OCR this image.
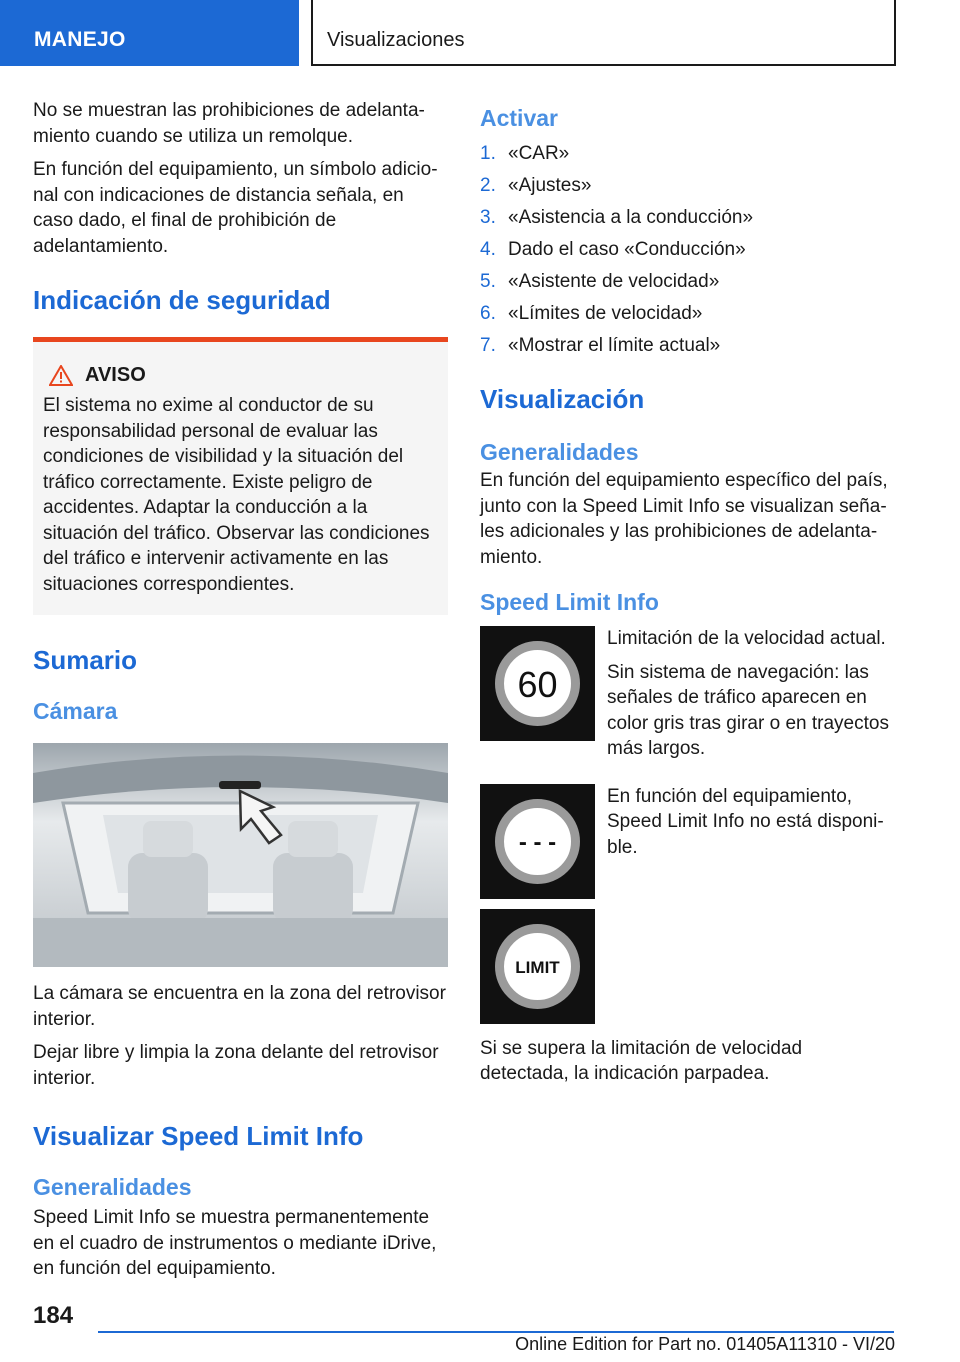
MANEJO	Visualizaciones

No se muestran las prohibiciones de adelantamiento cuando se utiliza un remolque.

En función del equipamiento, un símbolo adicional con indicaciones de distancia señala, en caso dado, el final de prohibición de adelantamiento.

Indicación de seguridad
AVISO

El sistema no exime al conductor de su responsabilidad personal de evaluar las condiciones de visibilidad y la situación del tráfico correctamente. Existe peligro de accidentes. Adaptar la conducción a la situación del tráfico. Observar las condiciones del tráfico e intervenir activamente en las situaciones correspondientes.

Sumario
Cámara

La cámara se encuentra en la zona del retrovisor interior.

Dejar libre y limpia la zona delante del retrovisor interior.

Visualizar Speed Limit Info
Generalidades

Speed Limit Info se muestra permanentemente en el cuadro de instrumentos o mediante iDrive, en función del equipamiento.

Activar
1. «CAR»
2. «Ajustes»
3. «Asistencia a la conducción»
4. Dado el caso «Conducción»
5. «Asistente de velocidad»
6. «Límites de velocidad»
7. «Mostrar el límite actual»
Visualización
Generalidades

En función del equipamiento específico del país, junto con la Speed Limit Info se visualizan señales adicionales y las prohibiciones de adelantamiento.

Speed Limit Info
60

Limitación de la velocidad actual.

Sin sistema de navegación: las señales de tráfico aparecen en color gris tras girar o en trayectos más largos.

- - -

En función del equipamiento, Speed Limit Info no está disponible.

LIMIT

Si se supera la limitación de velocidad detectada, la indicación parpadea.

184
Online Edition for Part no. 01405A11310 - VI/20
